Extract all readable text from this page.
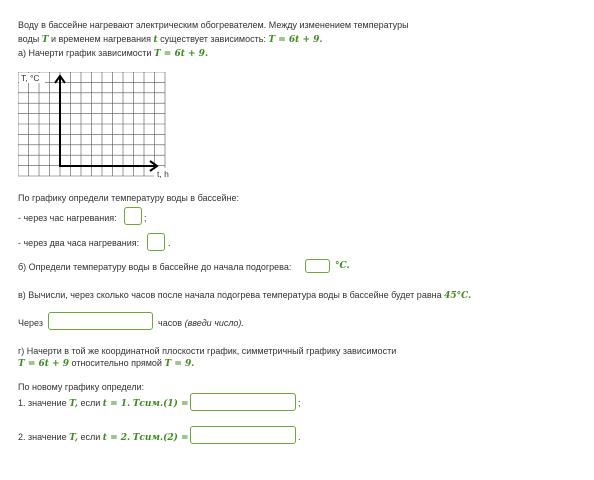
Воду в бассейне нагревают электрическим обогревателем. Между изменением температуры
воды T и временем нагревания t существует зависимость: T = 6t + 9.
а) Начерти график зависимости T = 6t + 9.
T, °C
t, h
По графику определи температуру воды в бассейне:
- через час нагревания:	;
- через два часа нагревания:	.
б) Определи температуру воды в бассейне до начала подогрева:	°C.
в) Вычисли, через сколько часов после начала подогрева температура воды в бассейне будет равна 45°C.
Через	часов (введи число).
г) Начерти в той же координатной плоскости график, симметричный графику зависимости
T = 6t + 9 относительно прямой T = 9.
По новому графику определи:
1. значение T, если t = 1. Tсим.(1) =	;
2. значение T, если t = 2. Tсим.(2) =	.
